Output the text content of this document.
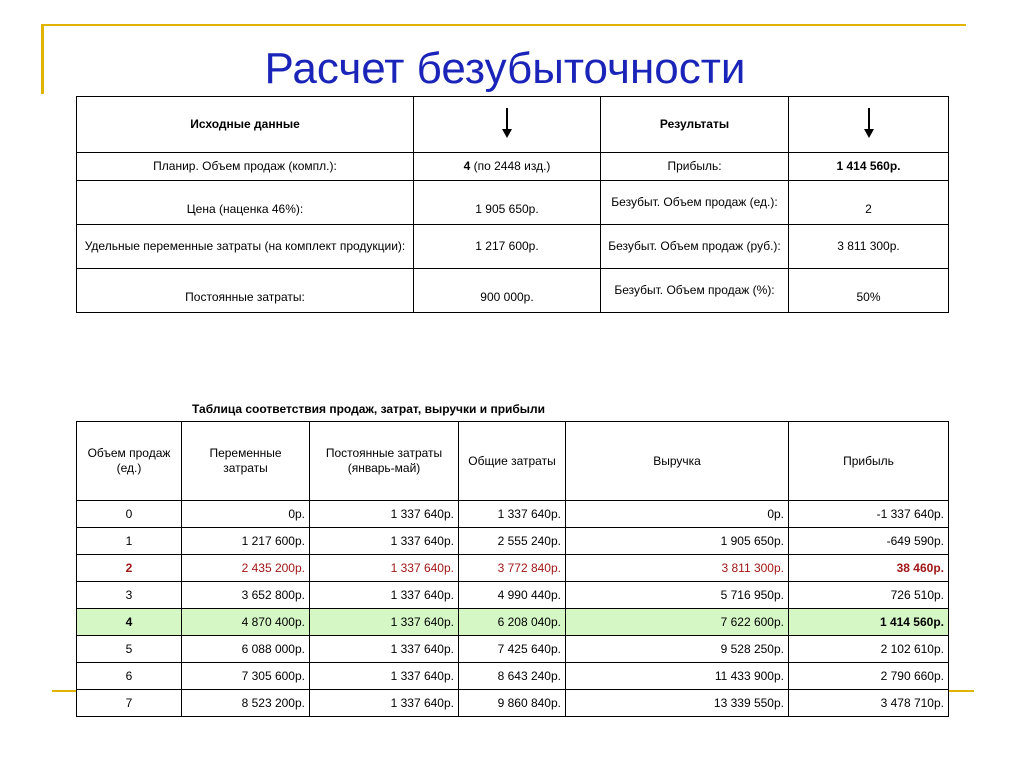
Расчет безубыточности
Исходные данные		Результаты	
Планир. Объем продаж (компл.):	4 (по 2448 изд.)	Прибыль:	1 414 560р.
Цена (наценка 46%):	1 905 650р.	Безубыт. Объем продаж (ед.):	2
Удельные переменные затраты (на комплект продукции):	1 217 600р.	Безубыт. Объем продаж (руб.):	3 811 300р.
Постоянные затраты:	900 000р.	Безубыт. Объем продаж (%):	50%
Таблица соответствия продаж, затрат, выручки и прибыли
Объем продаж (ед.)	Переменные затраты	Постоянные затраты (январь-май)	Общие затраты	Выручка	Прибыль
0	0р.	1 337 640р.	1 337 640р.	0р.	-1 337 640р.
1	1 217 600р.	1 337 640р.	2 555 240р.	1 905 650р.	-649 590р.
2	2 435 200р.	1 337 640р.	3 772 840р.	3 811 300р.	38 460р.
3	3 652 800р.	1 337 640р.	4 990 440р.	5 716 950р.	726 510р.
4	4 870 400р.	1 337 640р.	6 208 040р.	7 622 600р.	1 414 560р.
5	6 088 000р.	1 337 640р.	7 425 640р.	9 528 250р.	2 102 610р.
6	7 305 600р.	1 337 640р.	8 643 240р.	11 433 900р.	2 790 660р.
7	8 523 200р.	1 337 640р.	9 860 840р.	13 339 550р.	3 478 710р.
